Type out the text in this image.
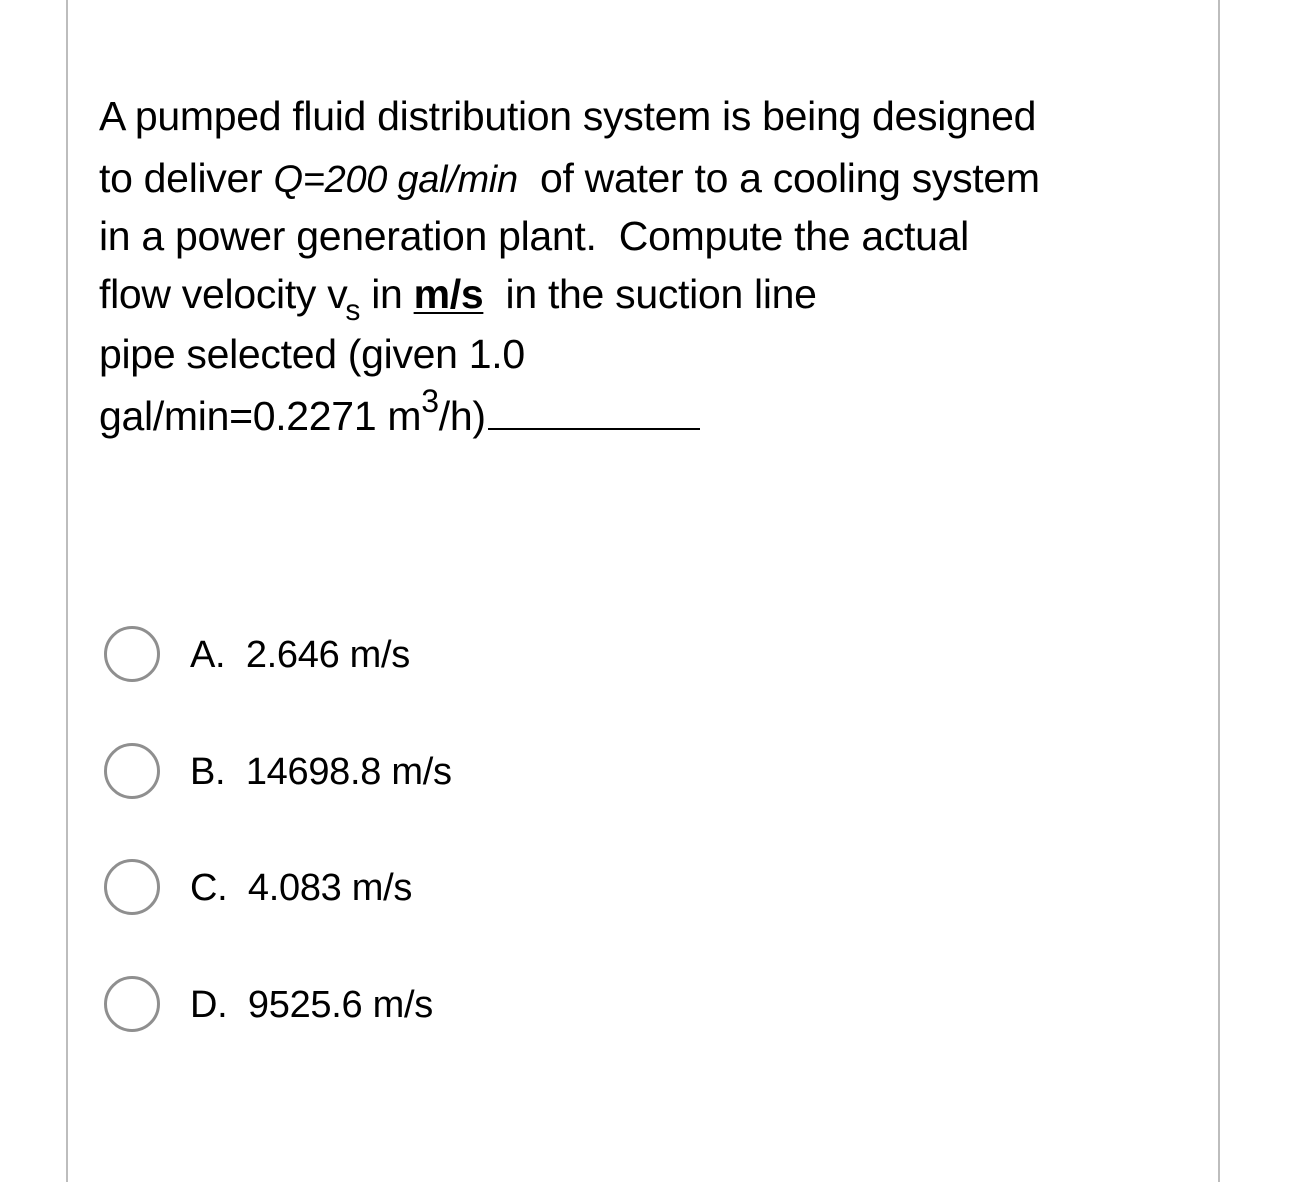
A pumped fluid distribution system is being designed
to deliver Q=200 gal/min  of water to a cooling system
in a power generation plant.  Compute the actual
flow velocity $v_s$ in m/s  in the suction line
pipe selected (given 1.0
gal/min=0.2271 $m^3/h$)
A. 2.646 m/s
B. 14698.8 m/s
C. 4.083 m/s
D. 9525.6 m/s
